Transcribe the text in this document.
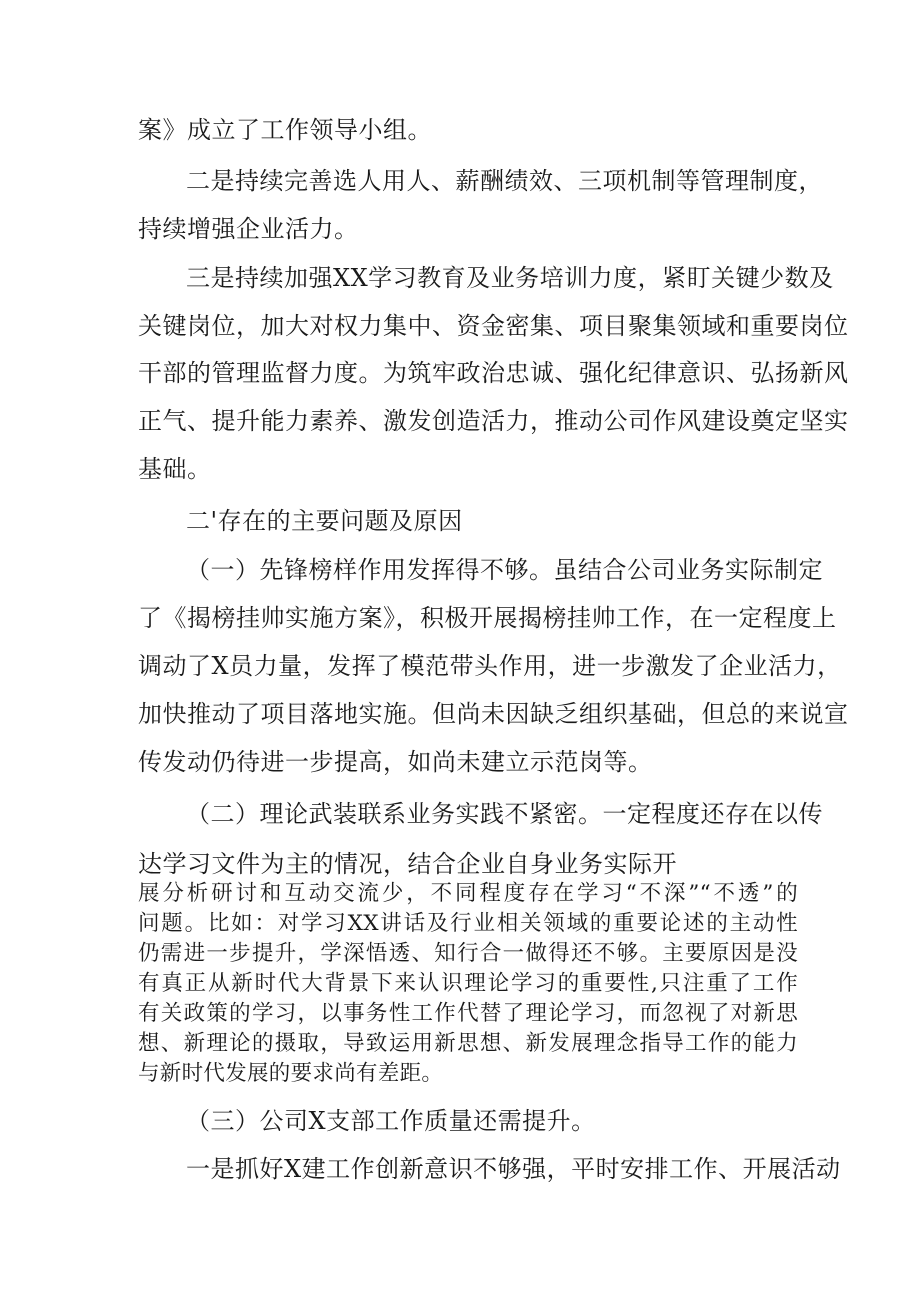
案》成立了工作领导小组。
二是持续完善选人用人、薪酬绩效、三项机制等管理制度，
持续增强企业活力。
三是持续加强XX学习教育及业务培训力度，紧盯关键少数及
关键岗位，加大对权力集中、资金密集、项目聚集领域和重要岗位
干部的管理监督力度。为筑牢政治忠诚、强化纪律意识、弘扬新风
正气、提升能力素养、激发创造活力，推动公司作风建设奠定坚实
基础。
二'存在的主要问题及原因
（一）先锋榜样作用发挥得不够。虽结合公司业务实际制定
了《揭榜挂帅实施方案》，积极开展揭榜挂帅工作，在一定程度上
调动了X员力量，发挥了模范带头作用，进一步激发了企业活力，
加快推动了项目落地实施。但尚未因缺乏组织基础，但总的来说宣
传发动仍待进一步提高，如尚未建立示范岗等。
（二）理论武装联系业务实践不紧密。一定程度还存在以传
达学习文件为主的情况，结合企业自身业务实际开
展分析研讨和互动交流少，不同程度存在学习“不深”“不透”的
问题。比如：对学习XX讲话及行业相关领域的重要论述的主动性
仍需进一步提升，学深悟透、知行合一做得还不够。主要原因是没
有真正从新时代大背景下来认识理论学习的重要性,只注重了工作
有关政策的学习，以事务性工作代替了理论学习，而忽视了对新思
想、新理论的摄取，导致运用新思想、新发展理念指导工作的能力
与新时代发展的要求尚有差距。
（三）公司X支部工作质量还需提升。
一是抓好X建工作创新意识不够强，平时安排工作、开展活动
